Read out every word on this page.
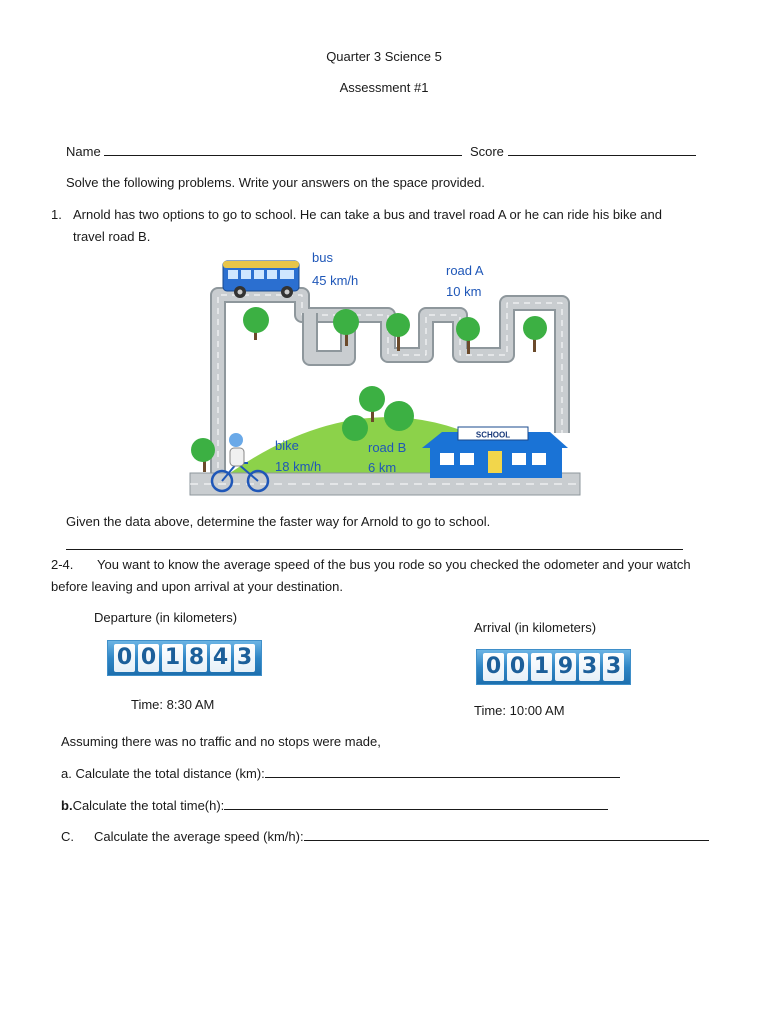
Quarter 3 Science 5
Assessment #1
Name	Score
Solve the following problems. Write your answers on the space provided.
1. Arnold has two options to go to school. He can take a bus and travel road A or he can ride his bike and
travel road B.
SCHOOL
bus
45 km/h
road A
10 km
bike
18 km/h
road B
6 km
Given the data above, determine the faster way for Arnold to go to school.
2-4. You want to know the average speed of the bus you rode so you checked the odometer and your watch
before leaving and upon arrival at your destination.
Departure (in kilometers)
0 0 1 8 4 3
Time: 8:30 AM
Arrival (in kilometers)
0 0 1 9 3 3
Time: 10:00 AM
Assuming there was no traffic and no stops were made,
a. Calculate the total distance (km):
b.Calculate the total time(h):
C. Calculate the average speed (km/h):
